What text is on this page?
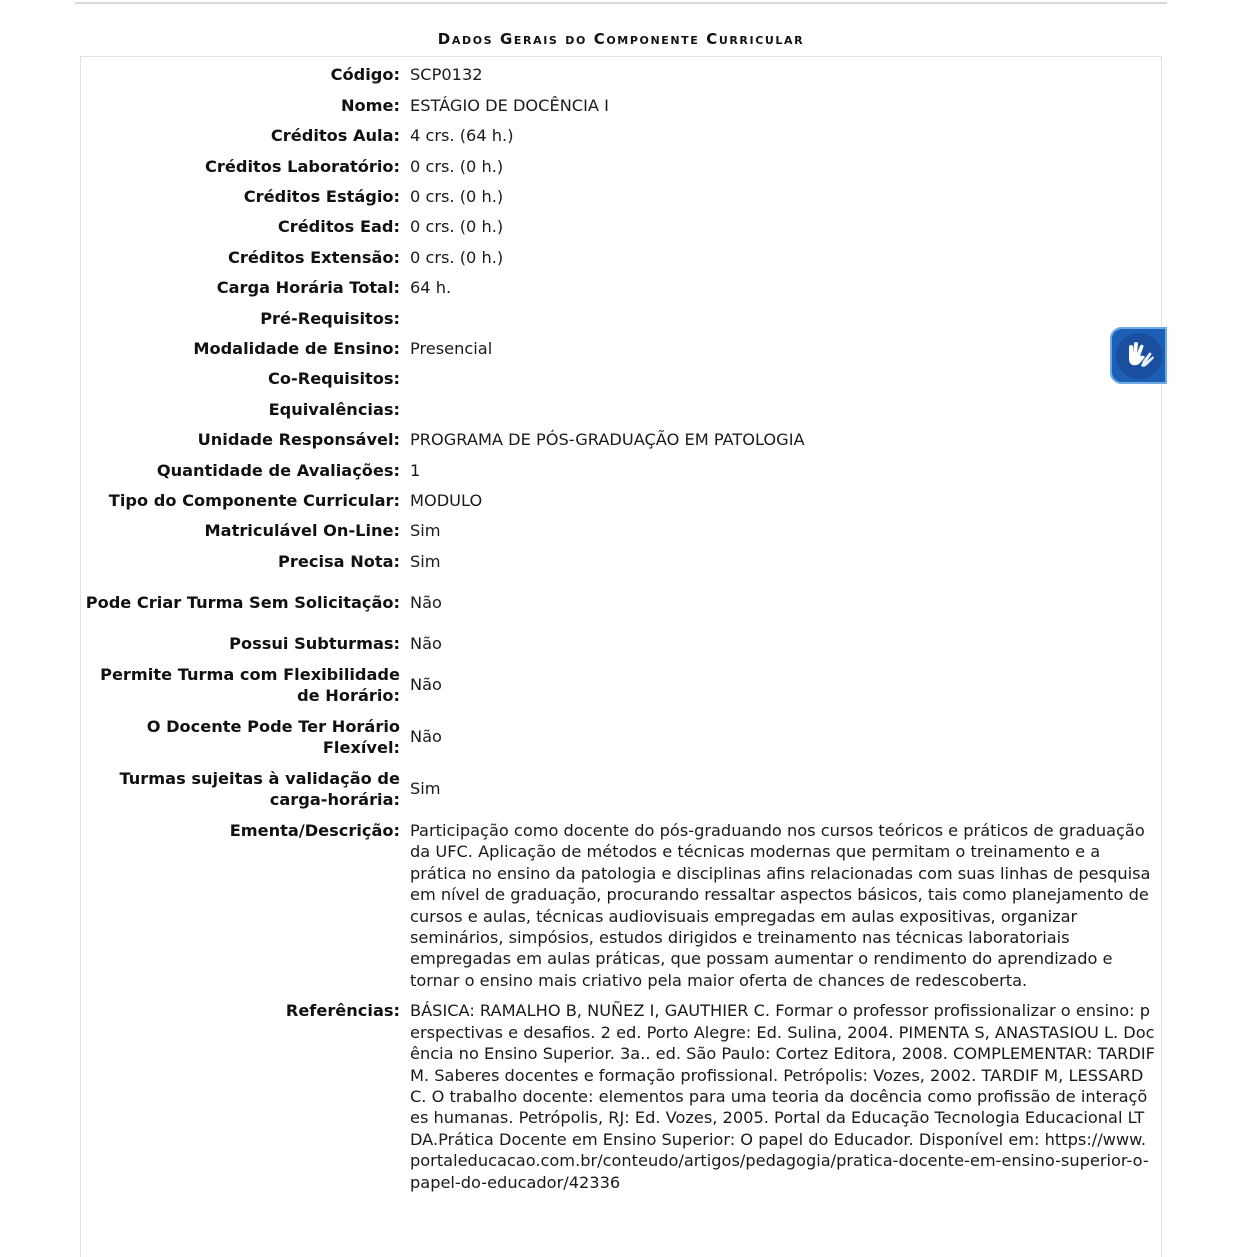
Dados Gerais do Componente Curricular
Código:	SCP0132
Nome:	ESTÁGIO DE DOCÊNCIA I
Créditos Aula:	4 crs. (64 h.)
Créditos Laboratório:	0 crs. (0 h.)
Créditos Estágio:	0 crs. (0 h.)
Créditos Ead:	0 crs. (0 h.)
Créditos Extensão:	0 crs. (0 h.)
Carga Horária Total:	64 h.
Pré-Requisitos:	
Modalidade de Ensino:	Presencial
Co-Requisitos:	
Equivalências:	
Unidade Responsável:	PROGRAMA DE PÓS-GRADUAÇÃO EM PATOLOGIA
Quantidade de Avaliações:	1
Tipo do Componente Curricular:	MODULO
Matriculável On-Line:	Sim
Precisa Nota:	Sim
Pode Criar Turma Sem Solicitação:	Não
Possui Subturmas:	Não
Permite Turma com Flexibilidade de Horário:	Não
O Docente Pode Ter Horário Flexível:	Não
Turmas sujeitas à validação de carga-horária:	Sim
Ementa/Descrição:	Participação como docente do pós-graduando nos cursos teóricos e práticos de graduação da UFC. Aplicação de métodos e técnicas modernas que permitam o treinamento e a prática no ensino da patologia e disciplinas afins relacionadas com suas linhas de pesquisa em nível de graduação, procurando ressaltar aspectos básicos, tais como planejamento de cursos e aulas, técnicas audiovisuais empregadas em aulas expositivas, organizar seminários, simpósios, estudos dirigidos e treinamento nas técnicas laboratoriais empregadas em aulas práticas, que possam aumentar o rendimento do aprendizado e tornar o ensino mais criativo pela maior oferta de chances de redescoberta.
Referências:	BÁSICA: RAMALHO B, NUÑEZ I, GAUTHIER C. Formar o professor profissionalizar o ensino: perspectivas e desafios. 2 ed. Porto Alegre: Ed. Sulina, 2004. PIMENTA S, ANASTASIOU L. Docência no Ensino Superior. 3a.. ed. São Paulo: Cortez Editora, 2008. COMPLEMENTAR: TARDIF M. Saberes docentes e formação profissional. Petrópolis: Vozes, 2002. TARDIF M, LESSARD C. O trabalho docente: elementos para uma teoria da docência como profissão de interações humanas. Petrópolis, RJ: Ed. Vozes, 2005. Portal da Educação Tecnologia Educacional LTDA.Prática Docente em Ensino Superior: O papel do Educador. Disponível em: https://www.portaleducacao.com.br/conteudo/artigos/pedagogia/pratica-docente-em-ensino-superior-o-papel-do-educador/42336
